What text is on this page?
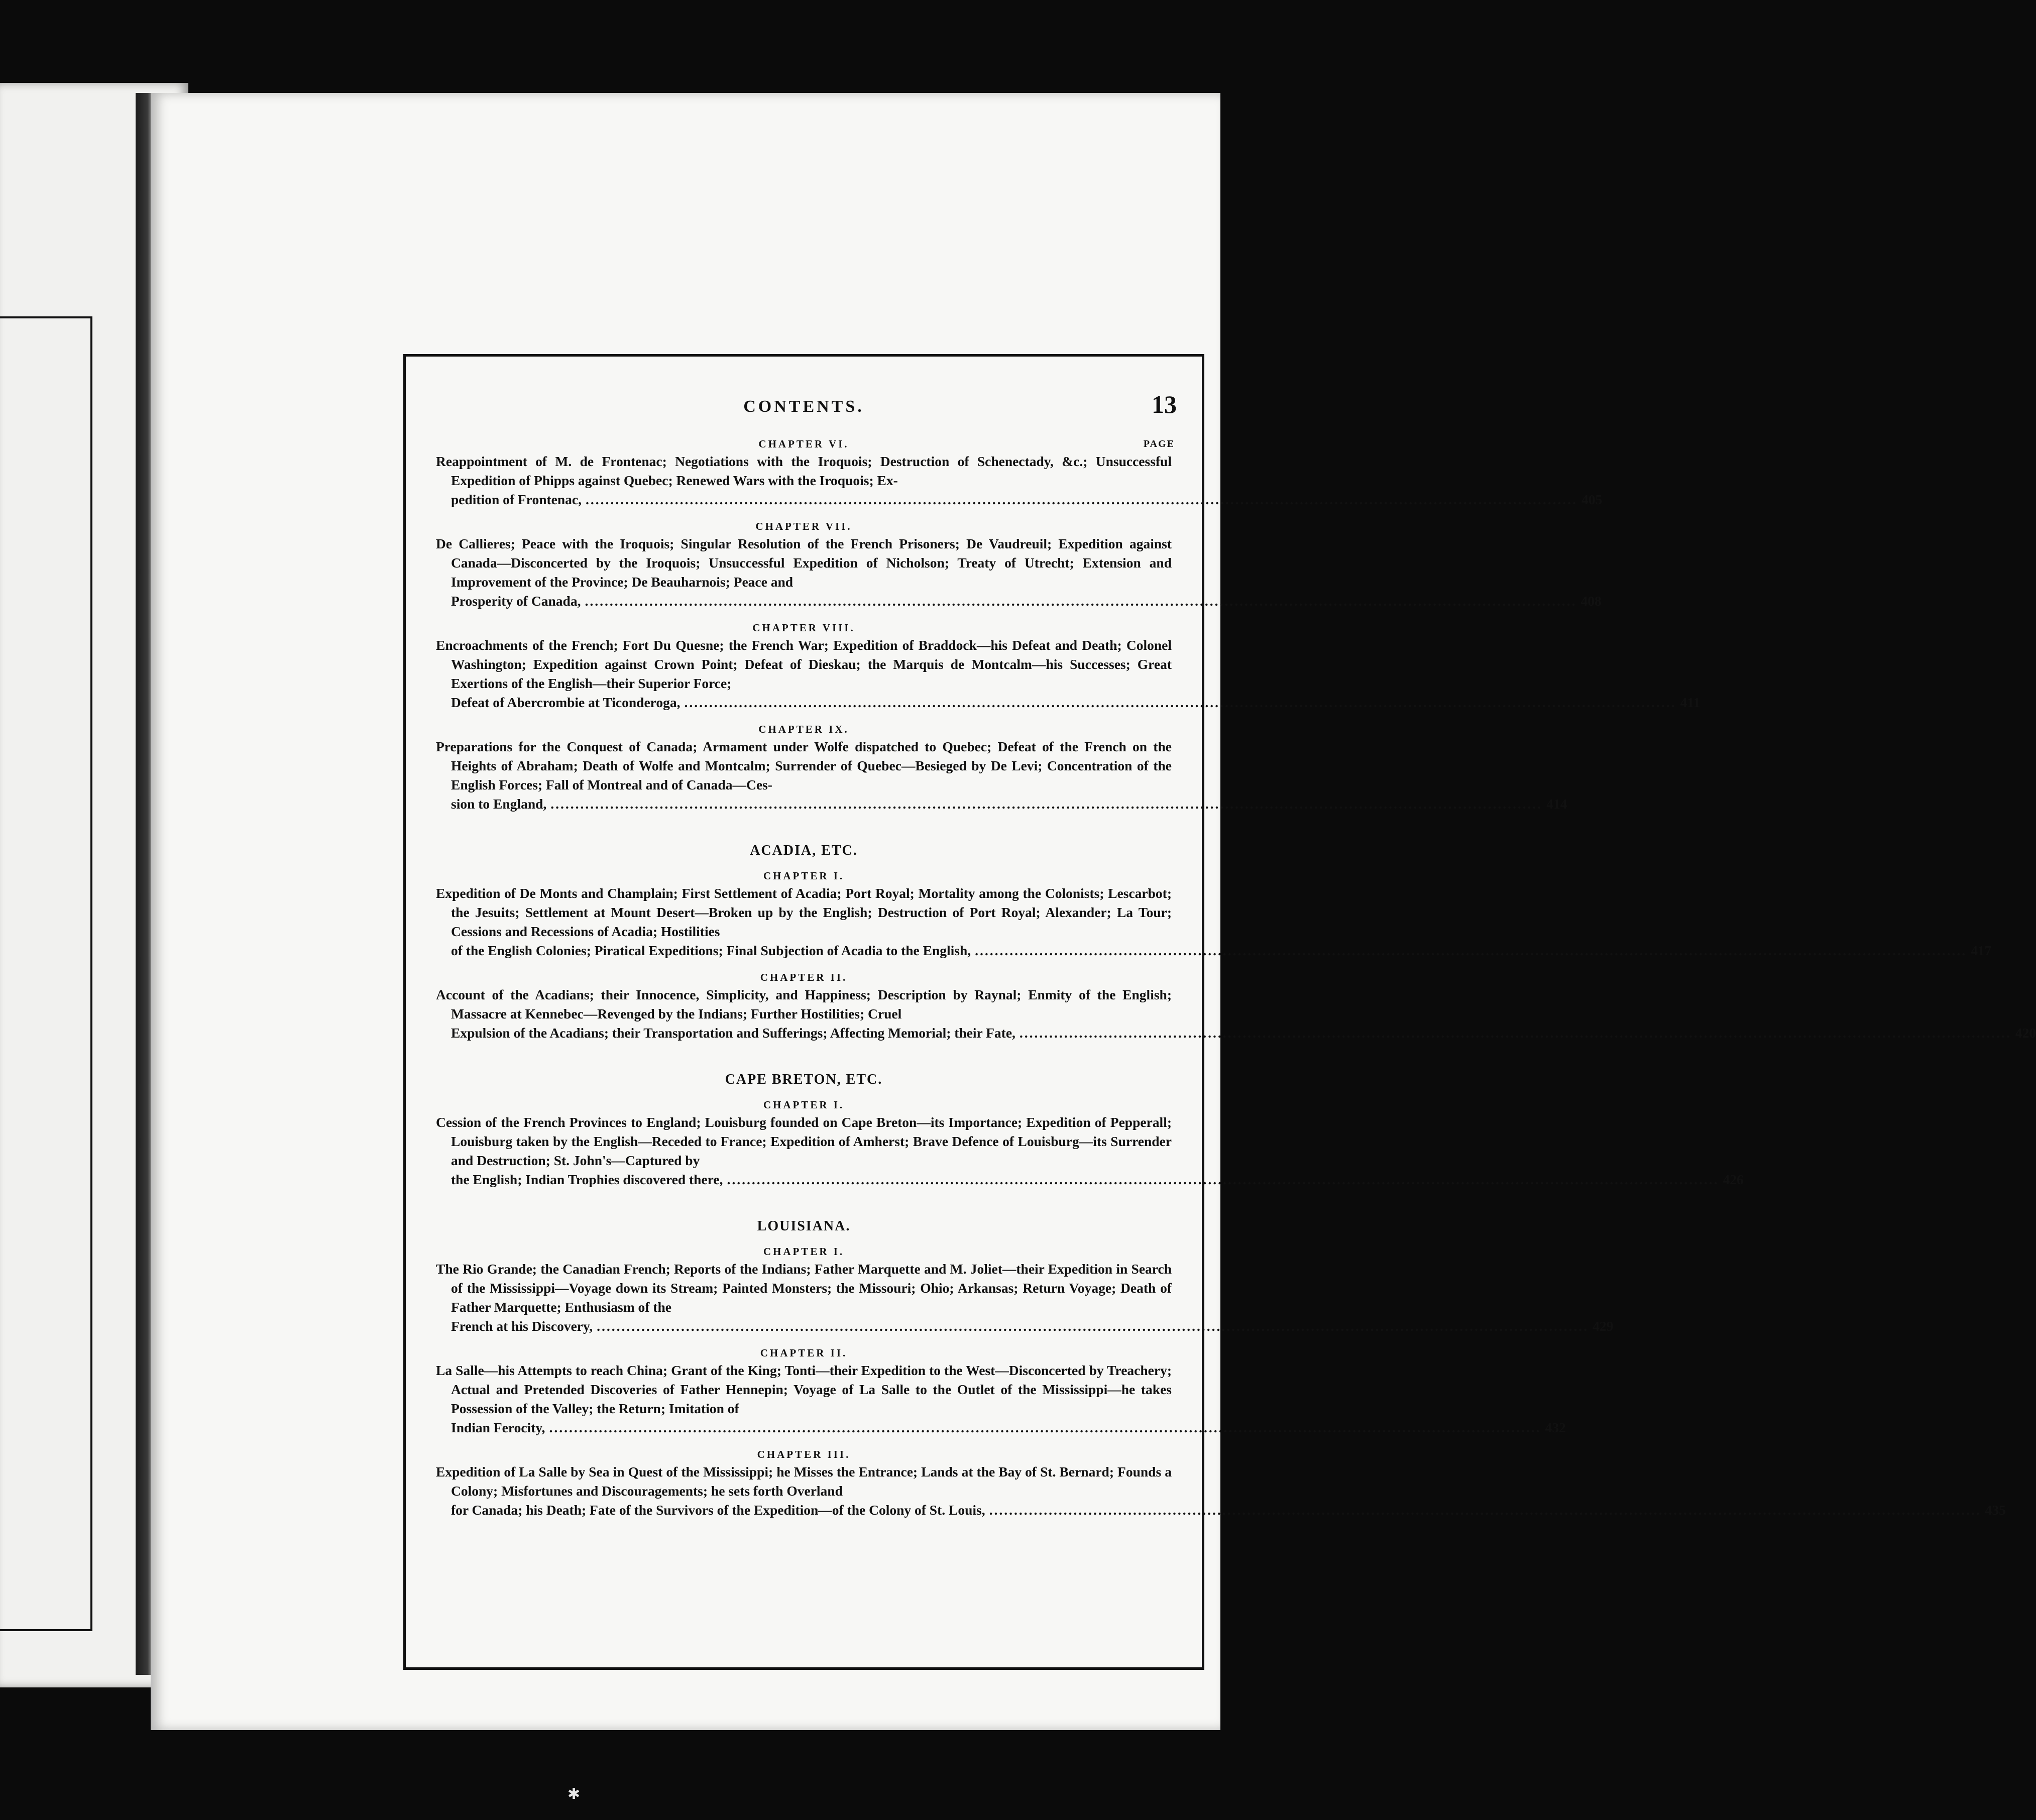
CONTENTS.	13
CHAPTER VI.	PAGE
Reappointment of M. de Frontenac; Negotiations with the Iroquois; Destruction of Schenectady, &c.; Unsuccessful Expedition of Phipps against Quebec; Renewed Wars with the Iroquois; Ex-
pedition of Frontenac, ........................................................................................................................................................................................................ 405
CHAPTER VII.
De Callieres; Peace with the Iroquois; Singular Resolution of the French Prisoners; De Vaudreuil; Expedition against Canada—Disconcerted by the Iroquois; Unsuccessful Expedition of Nicholson; Treaty of Utrecht; Extension and Improvement of the Province; De Beauharnois; Peace and
Prosperity of Canada, ........................................................................................................................................................................................................ 408
CHAPTER VIII.
Encroachments of the French; Fort Du Quesne; the French War; Expedition of Braddock—his Defeat and Death; Colonel Washington; Expedition against Crown Point; Defeat of Dieskau; the Marquis de Montcalm—his Successes; Great Exertions of the English—their Superior Force;
Defeat of Abercrombie at Ticonderoga, ........................................................................................................................................................................................................ 411
CHAPTER IX.
Preparations for the Conquest of Canada; Armament under Wolfe dispatched to Quebec; Defeat of the French on the Heights of Abraham; Death of Wolfe and Montcalm; Surrender of Quebec—Besieged by De Levi; Concentration of the English Forces; Fall of Montreal and of Canada—Ces-
sion to England, ........................................................................................................................................................................................................ 414
ACADIA, ETC.
CHAPTER I.
Expedition of De Monts and Champlain; First Settlement of Acadia; Port Royal; Mortality among the Colonists; Lescarbot; the Jesuits; Settlement at Mount Desert—Broken up by the English; Destruction of Port Royal; Alexander; La Tour; Cessions and Recessions of Acadia; Hostilities
of the English Colonies; Piratical Expeditions; Final Subjection of Acadia to the English, ........................................................................................................................................................................................................ 417
CHAPTER II.
Account of the Acadians; their Innocence, Simplicity, and Happiness; Description by Raynal; Enmity of the English; Massacre at Kennebec—Revenged by the Indians; Further Hostilities; Cruel
Expulsion of the Acadians; their Transportation and Sufferings; Affecting Memorial; their Fate, ........................................................................................................................................................................................................ 420
CAPE BRETON, ETC.
CHAPTER I.
Cession of the French Provinces to England; Louisburg founded on Cape Breton—its Importance; Expedition of Pepperall; Louisburg taken by the English—Receded to France; Expedition of Amherst; Brave Defence of Louisburg—its Surrender and Destruction; St. John's—Captured by
the English; Indian Trophies discovered there, ........................................................................................................................................................................................................ 426
LOUISIANA.
CHAPTER I.
The Rio Grande; the Canadian French; Reports of the Indians; Father Marquette and M. Joliet—their Expedition in Search of the Mississippi—Voyage down its Stream; Painted Monsters; the Missouri; Ohio; Arkansas; Return Voyage; Death of Father Marquette; Enthusiasm of the
French at his Discovery, ........................................................................................................................................................................................................ 429
CHAPTER II.
La Salle—his Attempts to reach China; Grant of the King; Tonti—their Expedition to the West—Disconcerted by Treachery; Actual and Pretended Discoveries of Father Hennepin; Voyage of La Salle to the Outlet of the Mississippi—he takes Possession of the Valley; the Return; Imitation of
Indian Ferocity, ........................................................................................................................................................................................................ 432
CHAPTER III.
Expedition of La Salle by Sea in Quest of the Mississippi; he Misses the Entrance; Lands at the Bay of St. Bernard; Founds a Colony; Misfortunes and Discouragements; he sets forth Overland
for Canada; his Death; Fate of the Survivors of the Expedition—of the Colony of St. Louis, ........................................................................................................................................................................................................ 435
✱
